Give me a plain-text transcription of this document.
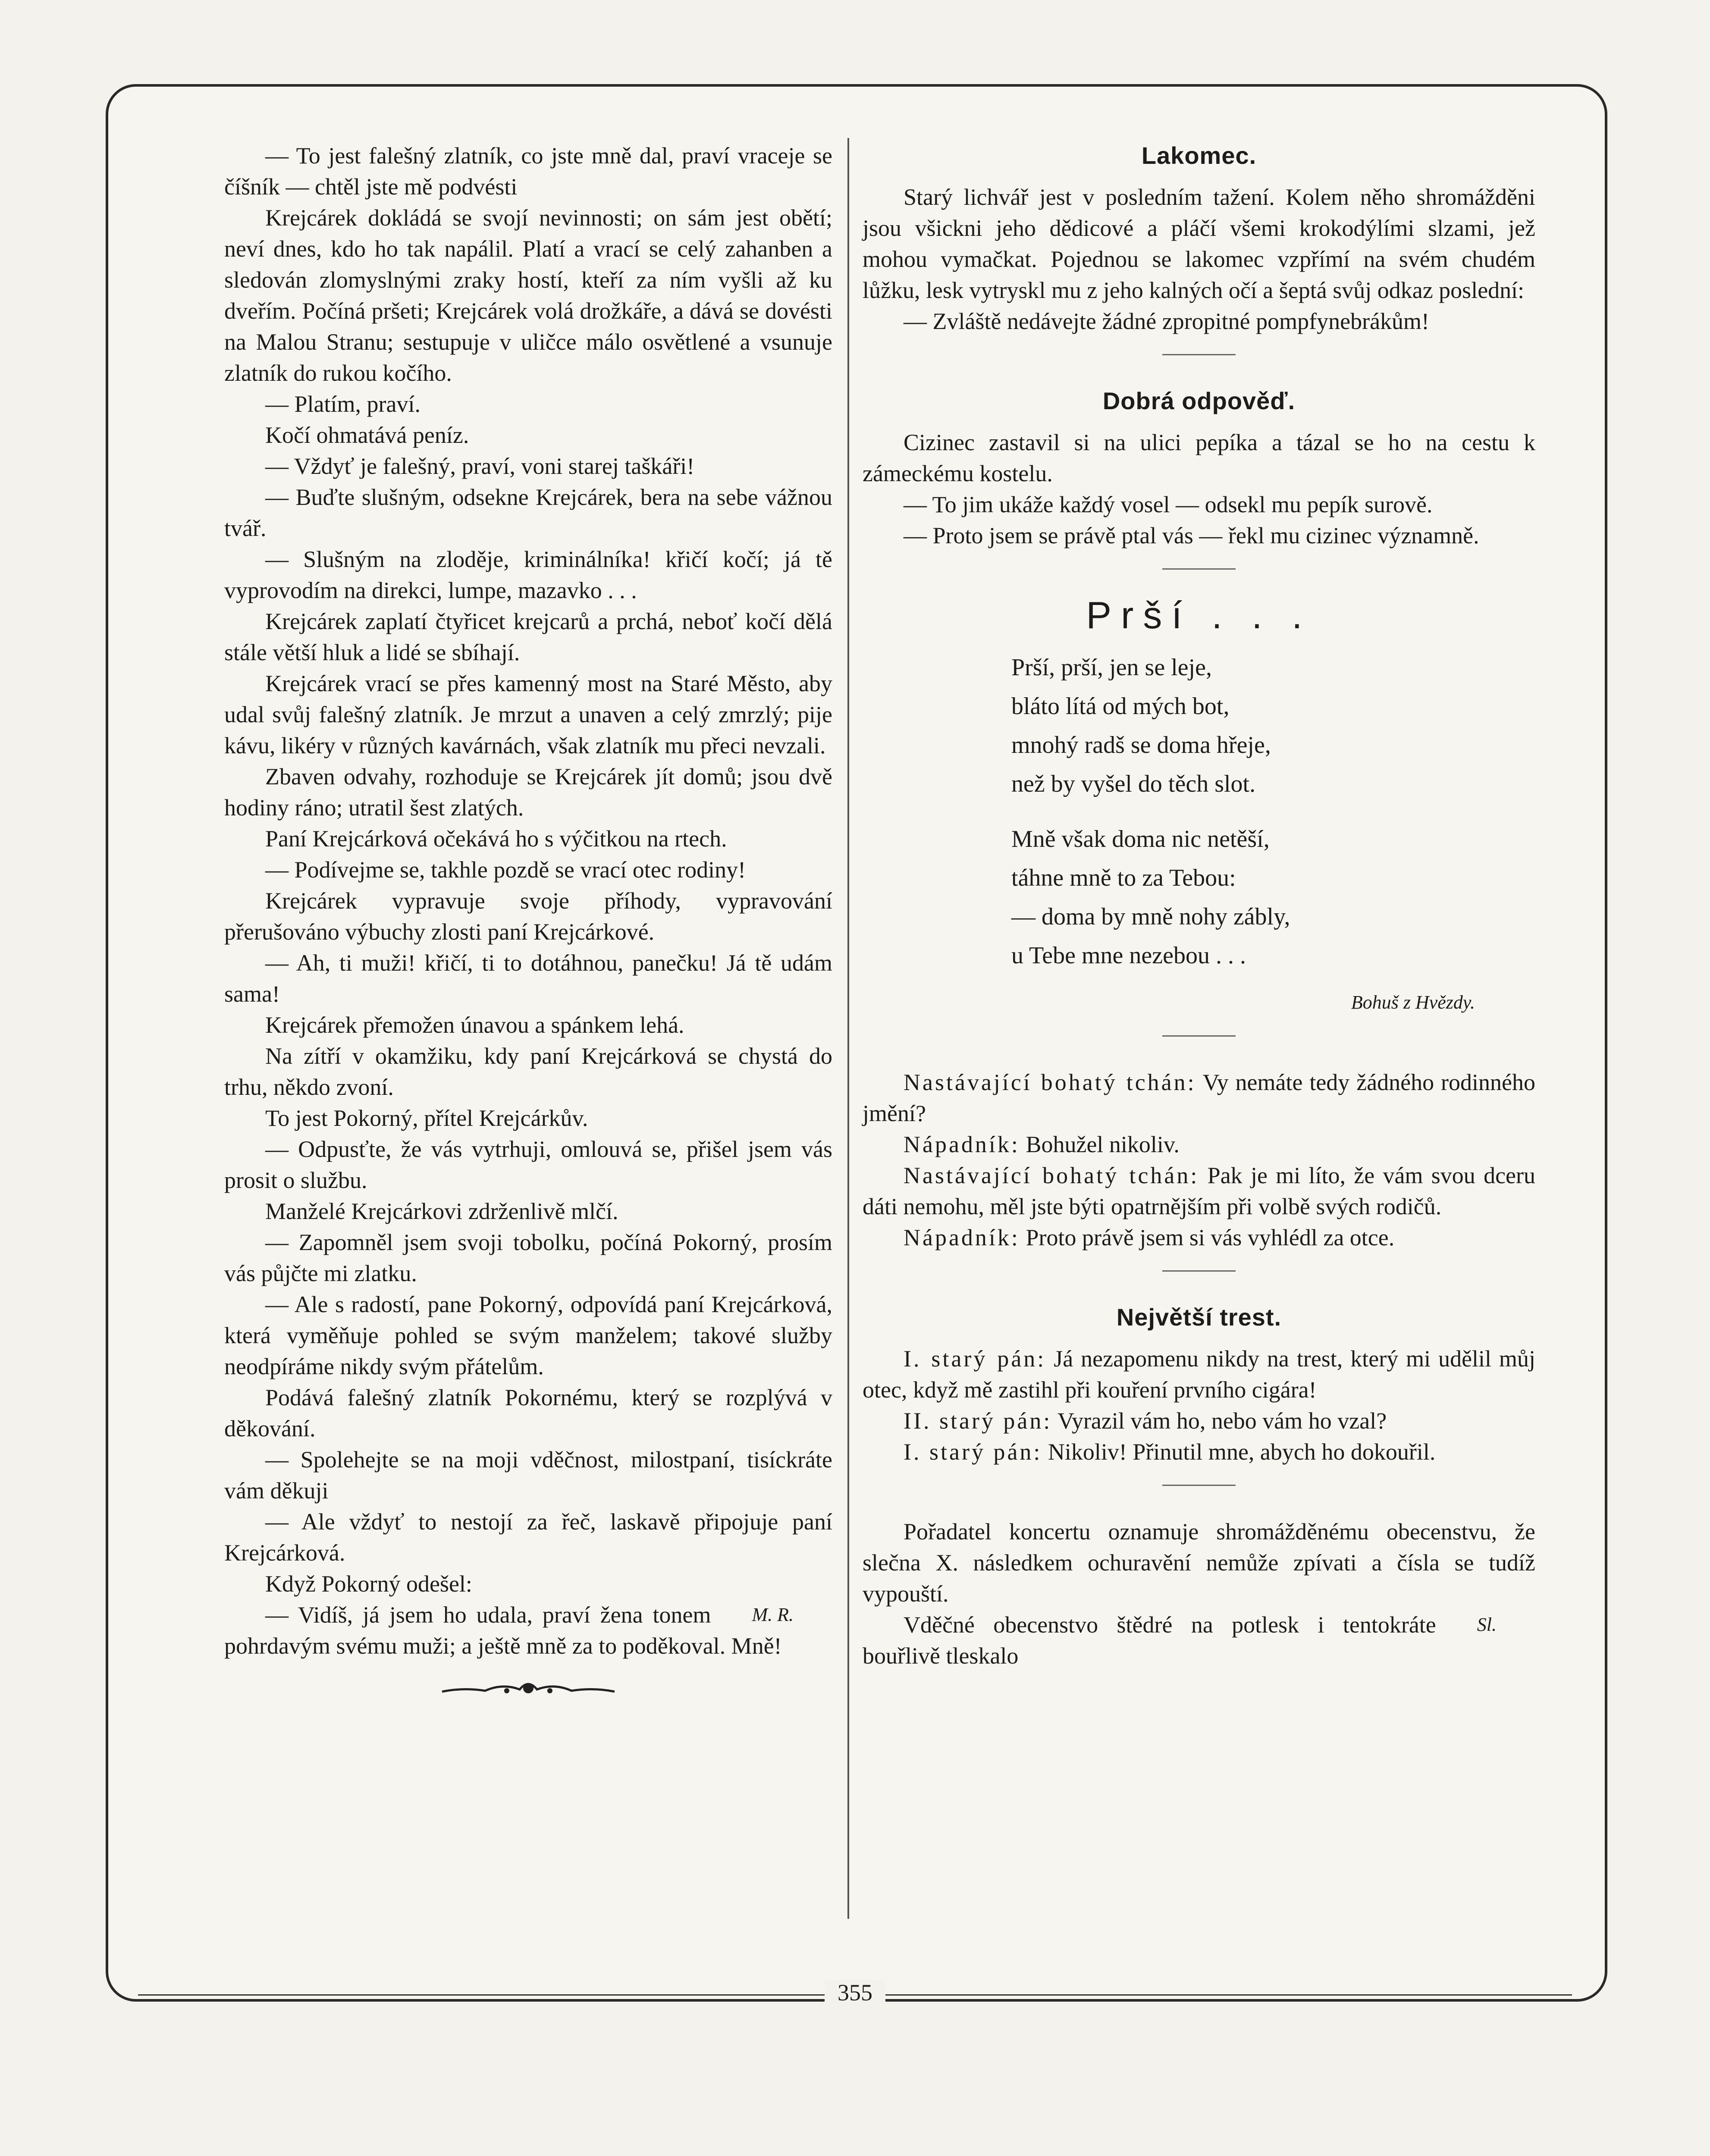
— To jest falešný zlatník, co jste mně dal, praví vraceje se číšník — chtěl jste mě podvésti

Krejcárek dokládá se svojí nevinnosti; on sám jest obětí; neví dnes, kdo ho tak napálil. Platí a vrací se celý zahanben a sledován zlomyslnými zraky hostí, kteří za ním vyšli až ku dveřím. Počíná pršeti; Krejcárek volá drožkáře, a dává se dovésti na Malou Stranu; sestupuje v uličce málo osvětlené a vsunuje zlatník do rukou kočího.

— Platím, praví.

Kočí ohmatává peníz.

— Vždyť je falešný, praví, voni starej taškáři!

— Buďte slušným, odsekne Krejcárek, bera na sebe vážnou tvář.

— Slušným na zloděje, kriminálníka! křičí kočí; já tě vyprovodím na direkci, lumpe, mazavko . . .

Krejcárek zaplatí čtyřicet krejcarů a prchá, neboť kočí dělá stále větší hluk a lidé se sbíhají.

Krejcárek vrací se přes kamenný most na Staré Město, aby udal svůj falešný zlatník. Je mrzut a unaven a celý zmrzlý; pije kávu, likéry v různých kavárnách, však zlatník mu přeci nevzali.

Zbaven odvahy, rozhoduje se Krejcárek jít domů; jsou dvě hodiny ráno; utratil šest zlatých.

Paní Krejcárková očekává ho s výčitkou na rtech.

— Podívejme se, takhle pozdě se vrací otec rodiny!

Krejcárek vypravuje svoje příhody, vypravování přerušováno výbuchy zlosti paní Krejcárkové.

— Ah, ti muži! křičí, ti to dotáhnou, panečku! Já tě udám sama!

Krejcárek přemožen únavou a spánkem lehá.

Na zítří v okamžiku, kdy paní Krejcárková se chystá do trhu, někdo zvoní.

To jest Pokorný, přítel Krejcárkův.

— Odpusťte, že vás vytrhuji, omlouvá se, přišel jsem vás prosit o službu.

Manželé Krejcárkovi zdrženlivě mlčí.

— Zapomněl jsem svoji tobolku, počíná Pokorný, prosím vás půjčte mi zlatku.

— Ale s radostí, pane Pokorný, odpovídá paní Krejcárková, která vyměňuje pohled se svým manželem; takové služby neodpíráme nikdy svým přátelům.

Podává falešný zlatník Pokornému, který se rozplývá v děkování.

— Spolehejte se na moji vděčnost, milostpaní, tisíckráte vám děkuji

— Ale vždyť to nestojí za řeč, laskavě připojuje paní Krejcárková.

Když Pokorný odešel:

M. R.
— Vidíš, já jsem ho udala, praví žena tonem pohrdavým svému muži; a ještě mně za to poděkoval. Mně!

Lakomec.

Starý lichvář jest v posledním tažení. Kolem něho shromážděni jsou všickni jeho dědicové a pláčí všemi krokodýlími slzami, jež mohou vymačkat. Pojednou se lakomec vzpřímí na svém chudém lůžku, lesk vytryskl mu z jeho kalných očí a šeptá svůj odkaz poslední:

— Zvláště nedávejte žádné zpropitné pompfynebrákům!

Dobrá odpověď.

Cizinec zastavil si na ulici pepíka a tázal se ho na cestu k zámeckému kostelu.

— To jim ukáže každý vosel — odsekl mu pepík surově.

— Proto jsem se právě ptal vás — řekl mu cizinec významně.

Prší . . .
Prší, prší, jen se leje,
bláto lítá od mých bot,
mnohý radš se doma hřeje,
než by vyšel do těch slot.
Mně však doma nic netěší,
táhne mně to za Tebou:
— doma by mně nohy zábly,
u Tebe mne nezebou . . .
Bohuš z Hvězdy.

Nastávající bohatý tchán: Vy nemáte tedy žádného rodinného jmění?

Nápadník: Bohužel nikoliv.

Nastávající bohatý tchán: Pak je mi líto, že vám svou dceru dáti nemohu, měl jste býti opatrnějším při volbě svých rodičů.

Nápadník: Proto právě jsem si vás vyhlédl za otce.

Největší trest.

I. starý pán: Já nezapomenu nikdy na trest, který mi udělil můj otec, když mě zastihl při kouření prvního cigára!

II. starý pán: Vyrazil vám ho, nebo vám ho vzal?

I. starý pán: Nikoliv! Přinutil mne, abych ho dokouřil.

Pořadatel koncertu oznamuje shromážděnému obecenstvu, že slečna X. následkem ochuravění nemůže zpívati a čísla se tudíž vypouští.

Sl.
Vděčné obecenstvo štědré na potlesk i tentokráte bouřlivě tleskalo

355
